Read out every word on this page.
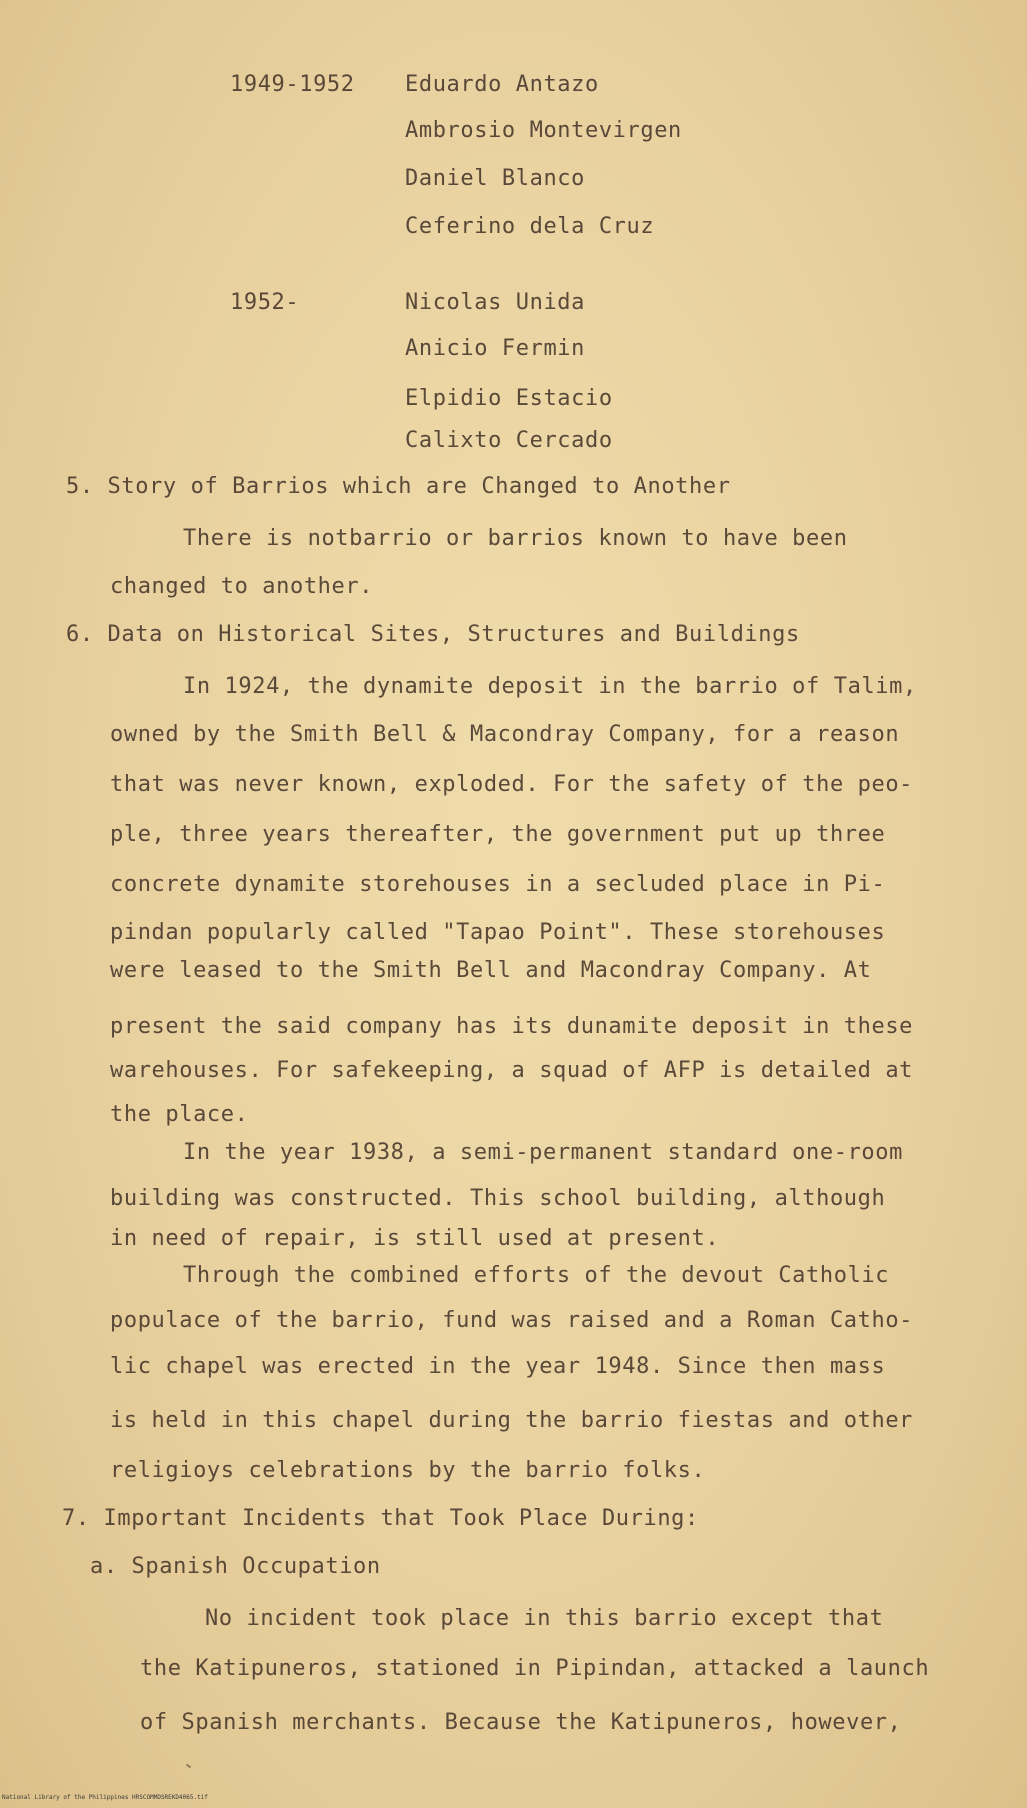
1949-1952 Eduardo Antazo
Ambrosio Montevirgen
Daniel Blanco
Ceferino dela Cruz
1952-	Nicolas Unida
Anicio Fermin
Elpidio Estacio
Calixto Cercado
5. Story of Barrios which are Changed to Another
There is notbarrio or barrios known to have been
changed to another.
6. Data on Historical Sites, Structures and Buildings
In 1924, the dynamite deposit in the barrio of Talim,
owned by the Smith Bell & Macondray Company, for a reason
that was never known, exploded. For the safety of the peo-
ple, three years thereafter, the government put up three
concrete dynamite storehouses in a secluded place in Pi-
pindan popularly called "Tapao Point". These storehouses
were leased to the Smith Bell and Macondray Company. At
present the said company has its dunamite deposit in these
warehouses. For safekeeping, a squad of AFP is detailed at
the place.
In the year 1938, a semi-permanent standard one-room
building was constructed. This school building, although
in need of repair, is still used at present.
Through the combined efforts of the devout Catholic
populace of the barrio, fund was raised and a Roman Catho-
lic chapel was erected in the year 1948. Since then mass
is held in this chapel during the barrio fiestas and other
religioys celebrations by the barrio folks.
7. Important Incidents that Took Place During:
a. Spanish Occupation
No incident took place in this barrio except that
the Katipuneros, stationed in Pipindan, attacked a launch
of Spanish merchants. Because the Katipuneros, however,
National Library of the Philippines HRSCOMMDSREKD4065.tif
